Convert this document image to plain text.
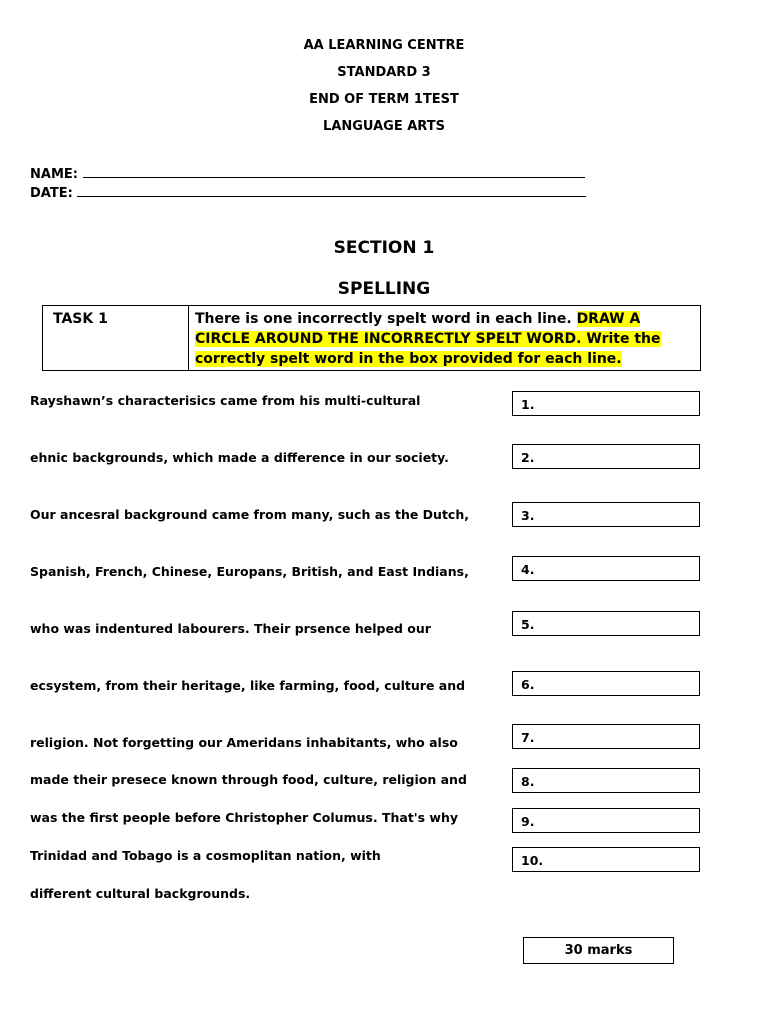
AA LEARNING CENTRE
STANDARD 3
END OF TERM 1TEST
LANGUAGE ARTS
NAME:
DATE:
SECTION 1
SPELLING
TASK 1	There is one incorrectly spelt word in each line. DRAW A CIRCLE AROUND THE INCORRECTLY SPELT WORD. Write the correctly spelt word in the box provided for each line.
Rayshawn’s characterisics came from his multi-cultural
ehnic backgrounds, which made a difference in our society.
Our ancesral background came from many, such as the Dutch,
Spanish, French, Chinese, Europans, British, and East Indians,
who was indentured labourers. Their prsence helped our
ecsystem, from their heritage, like farming, food, culture and
religion. Not forgetting our Ameridans inhabitants, who also
made their presece known through food, culture, religion and
was the first people before Christopher Columus. That's why
Trinidad and Tobago is a cosmoplitan nation, with
different cultural backgrounds.
1.
2.
3.
4.
5.
6.
7.
8.
9.
10.
30 marks
